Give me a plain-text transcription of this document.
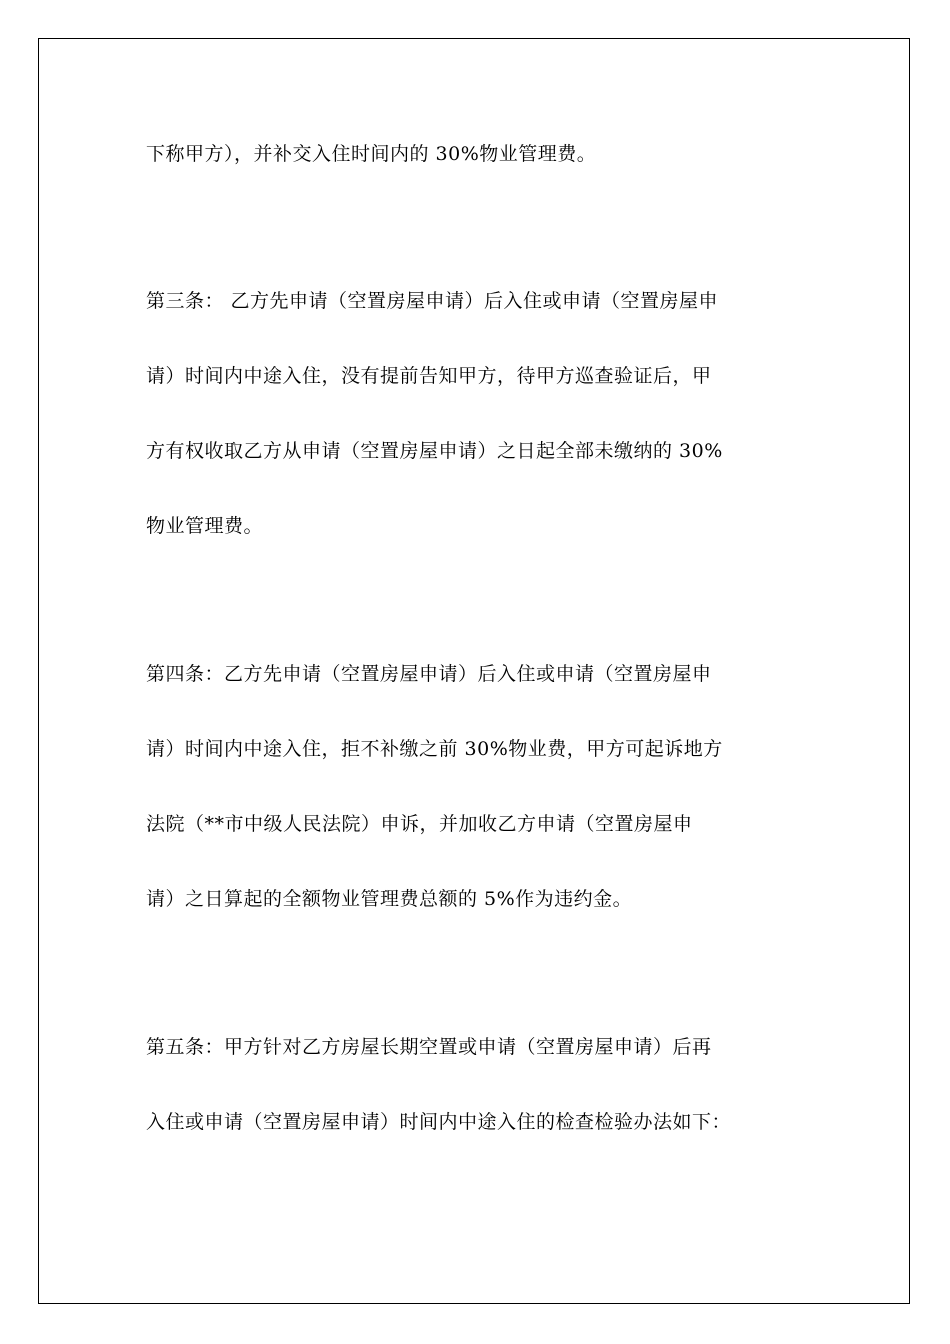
下称甲方），并补交入住时间内的 30%物业管理费。
第三条： 乙方先申请（空置房屋申请）后入住或申请（空置房屋申
请）时间内中途入住，没有提前告知甲方，待甲方巡查验证后，甲
方有权收取乙方从申请（空置房屋申请）之日起全部未缴纳的 30%
物业管理费。
第四条：乙方先申请（空置房屋申请）后入住或申请（空置房屋申
请）时间内中途入住，拒不补缴之前 30%物业费，甲方可起诉地方
法院（**市中级人民法院）申诉，并加收乙方申请（空置房屋申
请）之日算起的全额物业管理费总额的 5%作为违约金。
第五条：甲方针对乙方房屋长期空置或申请（空置房屋申请）后再
入住或申请（空置房屋申请）时间内中途入住的检查检验办法如下：
